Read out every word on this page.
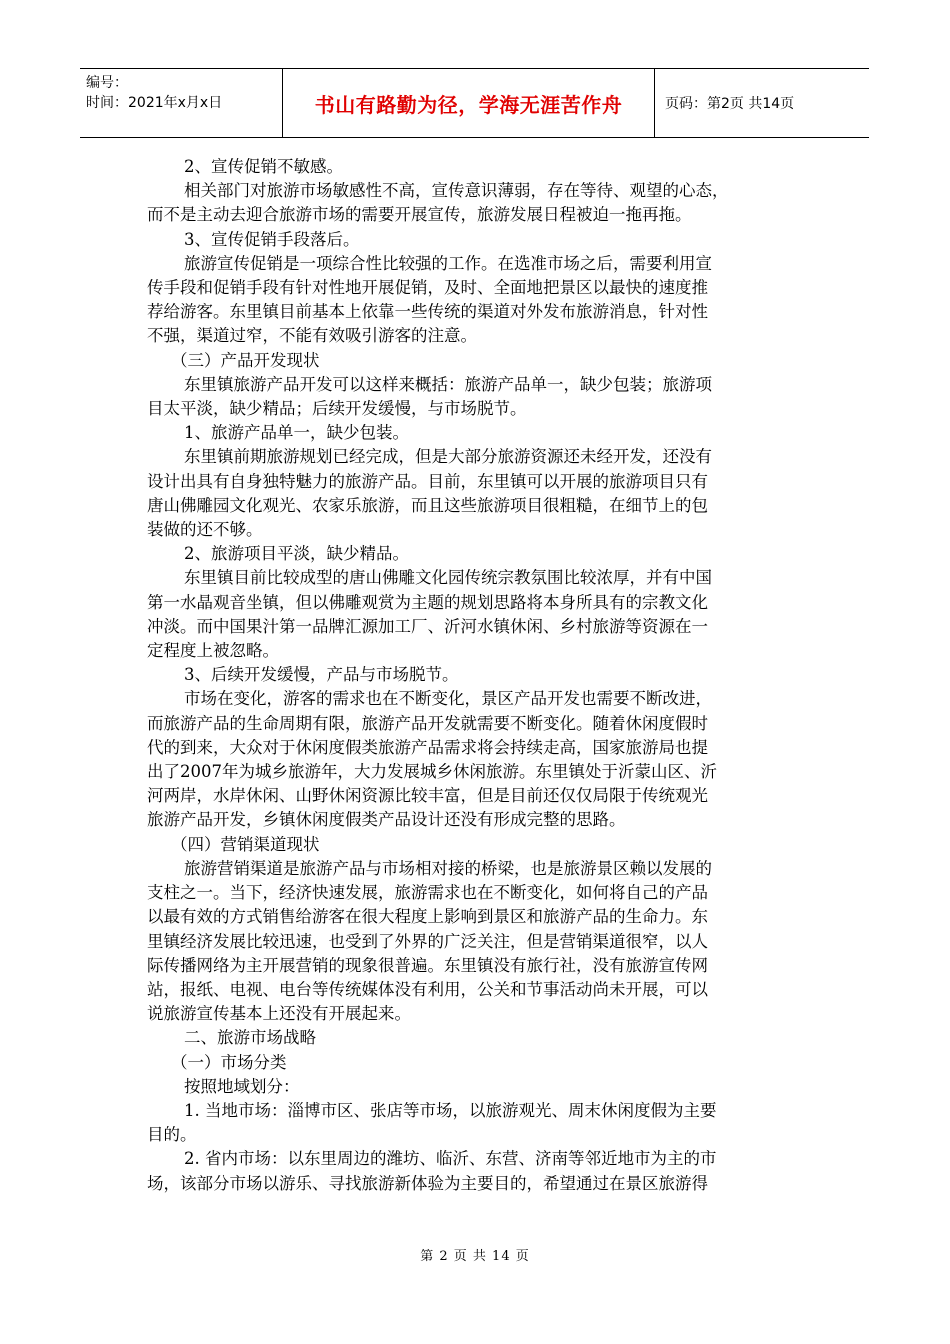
编号：
时间：2021年x月x日	书山有路勤为径，学海无涯苦作舟	页码：第2页 共14页

2、宣传促销不敏感。

相关部门对旅游市场敏感性不高，宣传意识薄弱，存在等待、观望的心态，

而不是主动去迎合旅游市场的需要开展宣传，旅游发展日程被迫一拖再拖。

3、宣传促销手段落后。

旅游宣传促销是一项综合性比较强的工作。在选准市场之后，需要利用宣

传手段和促销手段有针对性地开展促销，及时、全面地把景区以最快的速度推

荐给游客。东里镇目前基本上依靠一些传统的渠道对外发布旅游消息，针对性

不强，渠道过窄，不能有效吸引游客的注意。

（三）产品开发现状

东里镇旅游产品开发可以这样来概括：旅游产品单一，缺少包装；旅游项

目太平淡，缺少精品；后续开发缓慢，与市场脱节。

1、旅游产品单一，缺少包装。

东里镇前期旅游规划已经完成，但是大部分旅游资源还未经开发，还没有

设计出具有自身独特魅力的旅游产品。目前，东里镇可以开展的旅游项目只有

唐山佛雕园文化观光、农家乐旅游，而且这些旅游项目很粗糙，在细节上的包

装做的还不够。

2、旅游项目平淡，缺少精品。

东里镇目前比较成型的唐山佛雕文化园传统宗教氛围比较浓厚，并有中国

第一水晶观音坐镇，但以佛雕观赏为主题的规划思路将本身所具有的宗教文化

冲淡。而中国果汁第一品牌汇源加工厂、沂河水镇休闲、乡村旅游等资源在一

定程度上被忽略。

3、后续开发缓慢，产品与市场脱节。

市场在变化，游客的需求也在不断变化，景区产品开发也需要不断改进，

而旅游产品的生命周期有限，旅游产品开发就需要不断变化。随着休闲度假时

代的到来，大众对于休闲度假类旅游产品需求将会持续走高，国家旅游局也提

出了2007年为城乡旅游年，大力发展城乡休闲旅游。东里镇处于沂蒙山区、沂

河两岸，水岸休闲、山野休闲资源比较丰富，但是目前还仅仅局限于传统观光

旅游产品开发，乡镇休闲度假类产品设计还没有形成完整的思路。

（四）营销渠道现状

旅游营销渠道是旅游产品与市场相对接的桥梁，也是旅游景区赖以发展的

支柱之一。当下，经济快速发展，旅游需求也在不断变化，如何将自己的产品

以最有效的方式销售给游客在很大程度上影响到景区和旅游产品的生命力。东

里镇经济发展比较迅速，也受到了外界的广泛关注，但是营销渠道很窄，以人

际传播网络为主开展营销的现象很普遍。东里镇没有旅行社，没有旅游宣传网

站，报纸、电视、电台等传统媒体没有利用，公关和节事活动尚未开展，可以

说旅游宣传基本上还没有开展起来。

二、旅游市场战略

（一）市场分类

按照地域划分：

1. 当地市场：淄博市区、张店等市场，以旅游观光、周末休闲度假为主要

目的。

2. 省内市场：以东里周边的潍坊、临沂、东营、济南等邻近地市为主的市

场，该部分市场以游乐、寻找旅游新体验为主要目的，希望通过在景区旅游得

第 2 页 共 14 页
